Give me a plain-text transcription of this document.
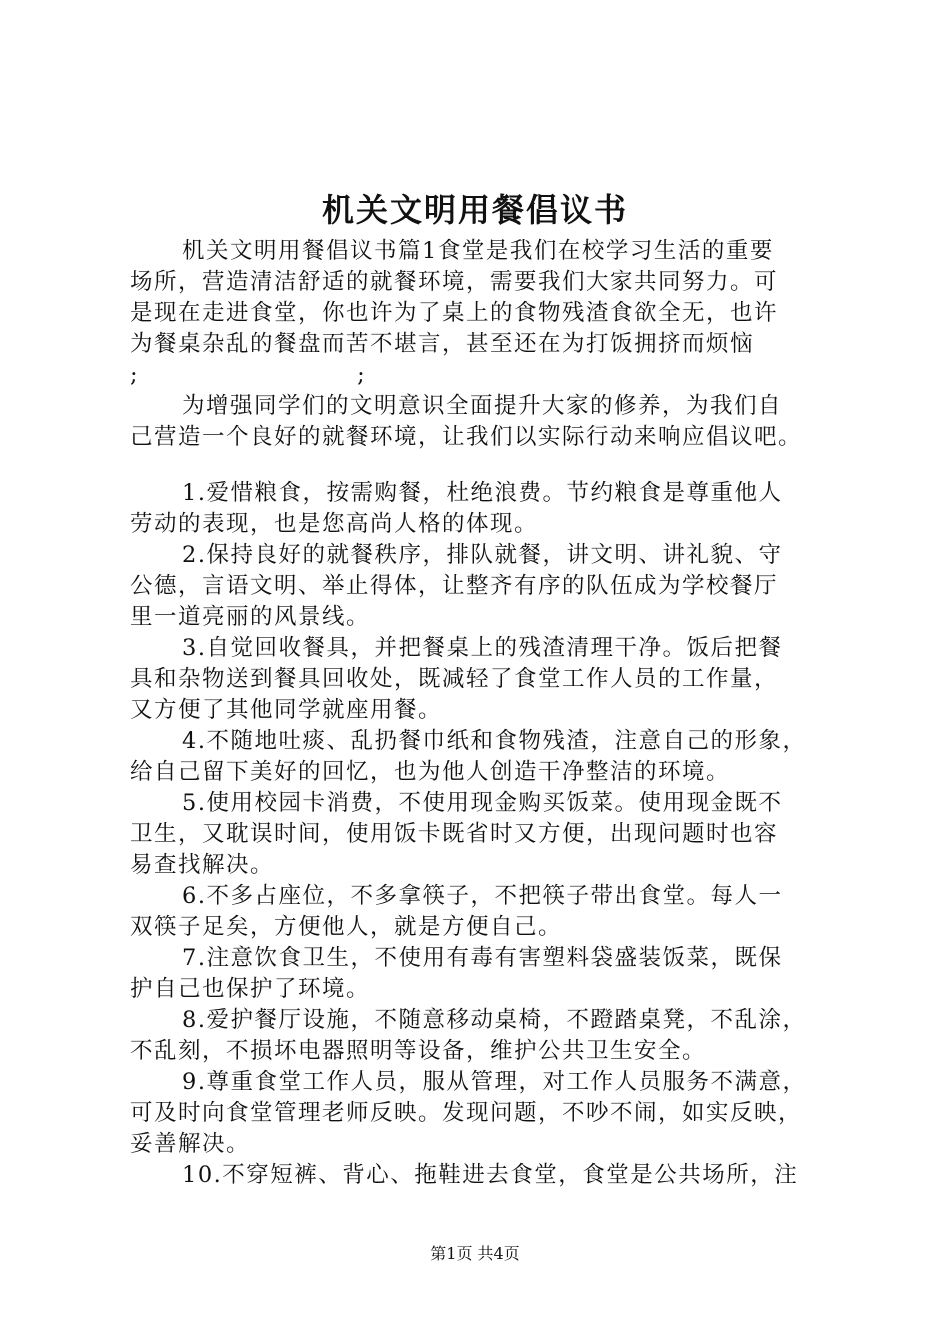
机关文明用餐倡议书

机关文明用餐倡议书篇1食堂是我们在校学习生活的重要

场所，营造清洁舒适的就餐环境，需要我们大家共同努力。可

是现在走进食堂，你也许为了桌上的食物残渣食欲全无，也许

为餐桌杂乱的餐盘而苦不堪言，甚至还在为打饭拥挤而烦恼

;	;

为增强同学们的文明意识全面提升大家的修养，为我们自

己营造一个良好的就餐环境，让我们以实际行动来响应倡议吧。

1.爱惜粮食，按需购餐，杜绝浪费。节约粮食是尊重他人

劳动的表现，也是您高尚人格的体现。

2.保持良好的就餐秩序，排队就餐，讲文明、讲礼貌、守

公德，言语文明、举止得体，让整齐有序的队伍成为学校餐厅

里一道亮丽的风景线。

3.自觉回收餐具，并把餐桌上的残渣清理干净。饭后把餐

具和杂物送到餐具回收处，既减轻了食堂工作人员的工作量，

又方便了其他同学就座用餐。

4.不随地吐痰、乱扔餐巾纸和食物残渣，注意自己的形象，

给自己留下美好的回忆，也为他人创造干净整洁的环境。

5.使用校园卡消费，不使用现金购买饭菜。使用现金既不

卫生，又耽误时间，使用饭卡既省时又方便，出现问题时也容

易查找解决。

6.不多占座位，不多拿筷子，不把筷子带出食堂。每人一

双筷子足矣，方便他人，就是方便自己。

7.注意饮食卫生，不使用有毒有害塑料袋盛装饭菜，既保

护自己也保护了环境。

8.爱护餐厅设施，不随意移动桌椅，不蹬踏桌凳，不乱涂，

不乱刻，不损坏电器照明等设备，维护公共卫生安全。

9.尊重食堂工作人员，服从管理，对工作人员服务不满意，

可及时向食堂管理老师反映。发现问题，不吵不闹，如实反映，

妥善解决。

10.不穿短裤、背心、拖鞋进去食堂，食堂是公共场所，注

第1页 共4页
